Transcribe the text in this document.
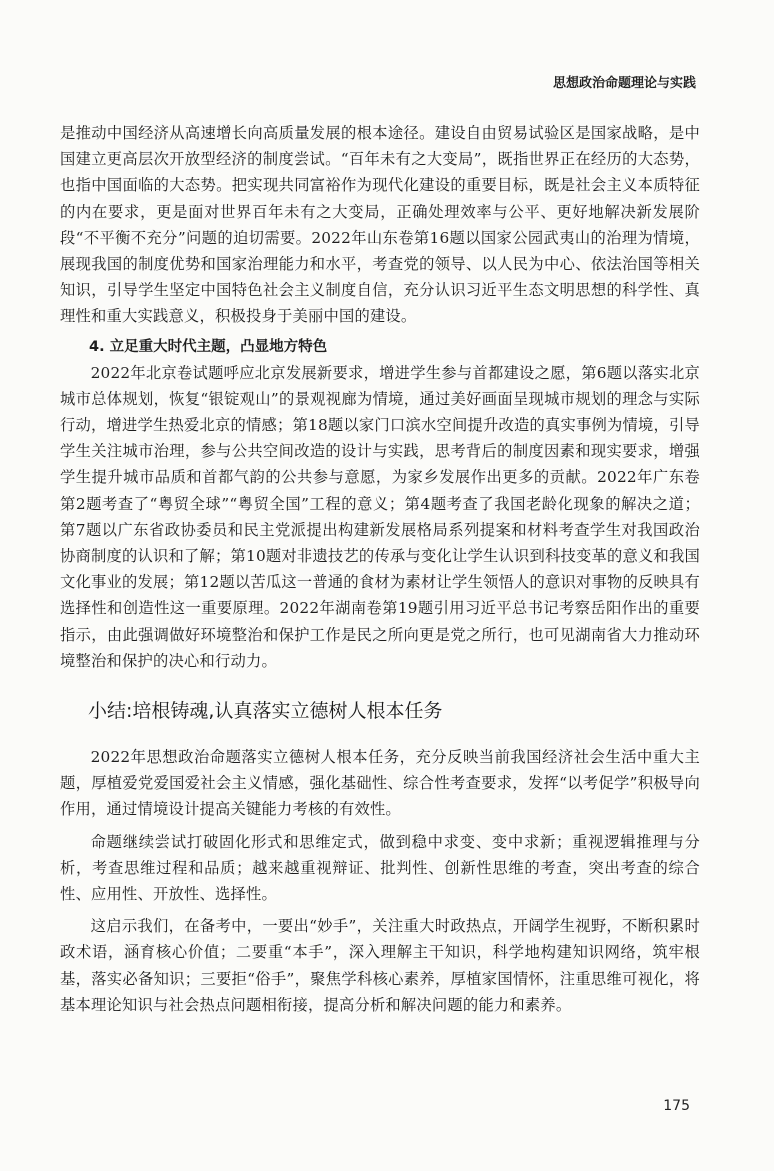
思想政治命题理论与实践

是推动中国经济从高速增长向高质量发展的根本途径。建设自由贸易试验区是国家战略，是中国建立更高层次开放型经济的制度尝试。“百年未有之大变局”，既指世界正在经历的大态势，也指中国面临的大态势。把实现共同富裕作为现代化建设的重要目标，既是社会主义本质特征的内在要求，更是面对世界百年未有之大变局，正确处理效率与公平、更好地解决新发展阶段“不平衡不充分”问题的迫切需要。2022年山东卷第16题以国家公园武夷山的治理为情境，展现我国的制度优势和国家治理能力和水平，考查党的领导、以人民为中心、依法治国等相关知识，引导学生坚定中国特色社会主义制度自信，充分认识习近平生态文明思想的科学性、真理性和重大实践意义，积极投身于美丽中国的建设。

4. 立足重大时代主题，凸显地方特色

2022年北京卷试题呼应北京发展新要求，增进学生参与首都建设之愿，第6题以落实北京城市总体规划，恢复“银锭观山”的景观视廊为情境，通过美好画面呈现城市规划的理念与实际行动，增进学生热爱北京的情感；第18题以家门口滨水空间提升改造的真实事例为情境，引导学生关注城市治理，参与公共空间改造的设计与实践，思考背后的制度因素和现实要求，增强学生提升城市品质和首都气韵的公共参与意愿，为家乡发展作出更多的贡献。2022年广东卷第2题考查了“粤贸全球”“粤贸全国”工程的意义；第4题考查了我国老龄化现象的解决之道；第7题以广东省政协委员和民主党派提出构建新发展格局系列提案和材料考查学生对我国政治协商制度的认识和了解；第10题对非遗技艺的传承与变化让学生认识到科技变革的意义和我国文化事业的发展；第12题以苦瓜这一普通的食材为素材让学生领悟人的意识对事物的反映具有选择性和创造性这一重要原理。2022年湖南卷第19题引用习近平总书记考察岳阳作出的重要指示，由此强调做好环境整治和保护工作是民之所向更是党之所行，也可见湖南省大力推动环境整治和保护的决心和行动力。

小结:培根铸魂,认真落实立德树人根本任务

2022年思想政治命题落实立德树人根本任务，充分反映当前我国经济社会生活中重大主题，厚植爱党爱国爱社会主义情感，强化基础性、综合性考查要求，发挥“以考促学”积极导向作用，通过情境设计提高关键能力考核的有效性。

命题继续尝试打破固化形式和思维定式，做到稳中求变、变中求新；重视逻辑推理与分析，考查思维过程和品质；越来越重视辩证、批判性、创新性思维的考查，突出考查的综合性、应用性、开放性、选择性。

这启示我们，在备考中，一要出“妙手”，关注重大时政热点，开阔学生视野，不断积累时政术语，涵育核心价值；二要重“本手”，深入理解主干知识，科学地构建知识网络，筑牢根基，落实必备知识；三要拒“俗手”，聚焦学科核心素养，厚植家国情怀，注重思维可视化，将基本理论知识与社会热点问题相衔接，提高分析和解决问题的能力和素养。

175
